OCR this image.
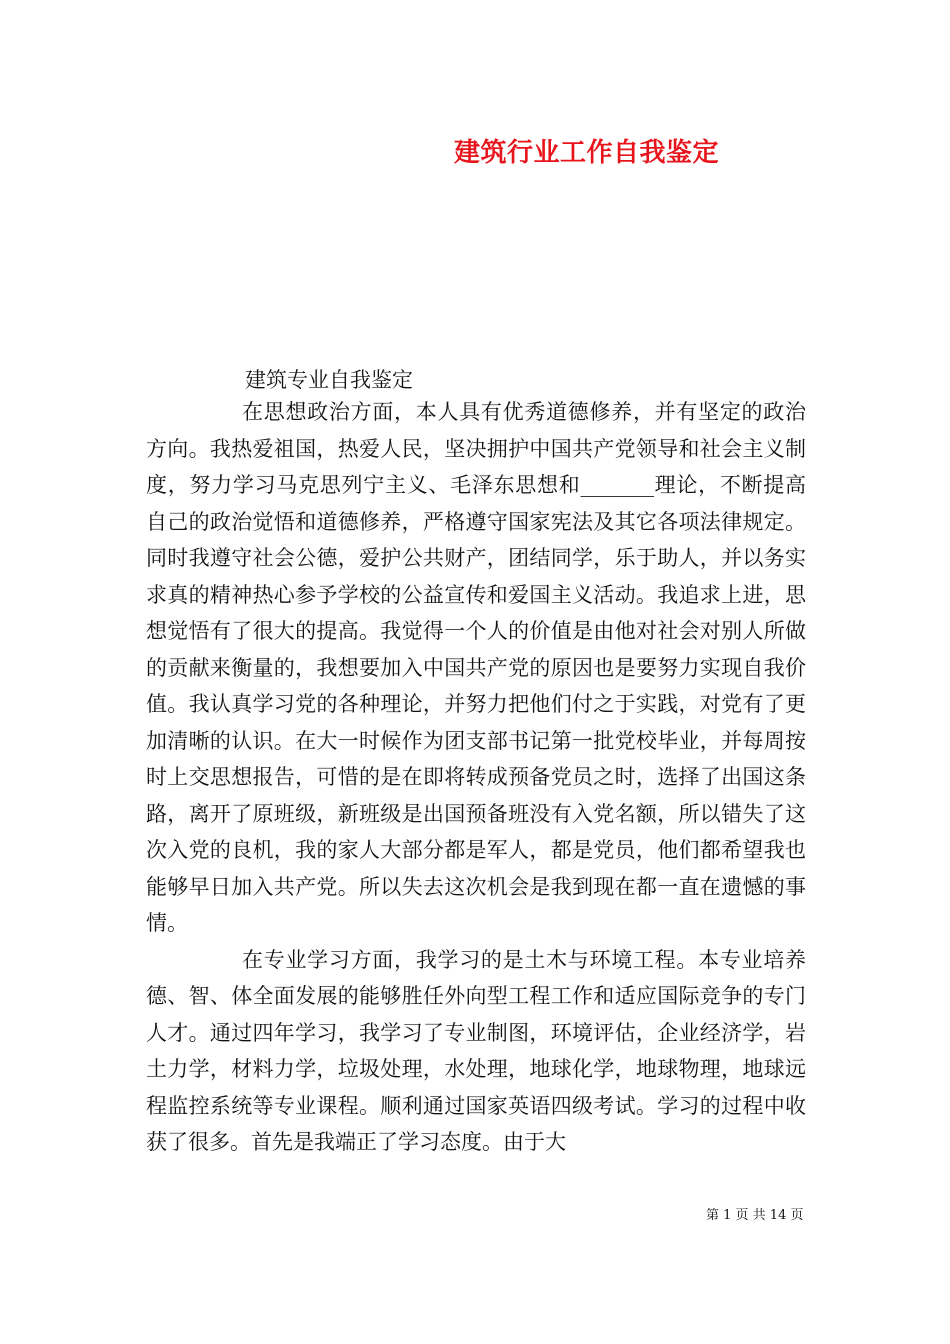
建筑行业工作自我鉴定
建筑专业自我鉴定

在思想政治方面，本人具有优秀道德修养，并有坚定的政治方向。我热爱祖国，热爱人民，坚决拥护中国共产党领导和社会主义制度，努力学习马克思列宁主义、毛泽东思想和_______理论，不断提高自己的政治觉悟和道德修养，严格遵守国家宪法及其它各项法律规定。同时我遵守社会公德，爱护公共财产，团结同学，乐于助人，并以务实求真的精神热心参予学校的公益宣传和爱国主义活动。我追求上进，思想觉悟有了很大的提高。我觉得一个人的价值是由他对社会对别人所做的贡献来衡量的，我想要加入中国共产党的原因也是要努力实现自我价值。我认真学习党的各种理论，并努力把他们付之于实践，对党有了更加清晰的认识。在大一时候作为团支部书记第一批党校毕业，并每周按时上交思想报告，可惜的是在即将转成预备党员之时，选择了出国这条路，离开了原班级，新班级是出国预备班没有入党名额，所以错失了这次入党的良机，我的家人大部分都是军人，都是党员，他们都希望我也能够早日加入共产党。所以失去这次机会是我到现在都一直在遗憾的事情。

在专业学习方面，我学习的是土木与环境工程。本专业培养德、智、体全面发展的能够胜任外向型工程工作和适应国际竞争的专门人才。通过四年学习，我学习了专业制图，环境评估，企业经济学，岩土力学，材料力学，垃圾处理，水处理，地球化学，地球物理，地球远程监控系统等专业课程。顺利通过国家英语四级考试。学习的过程中收获了很多。首先是我端正了学习态度。由于大

第 1 页 共 14 页
